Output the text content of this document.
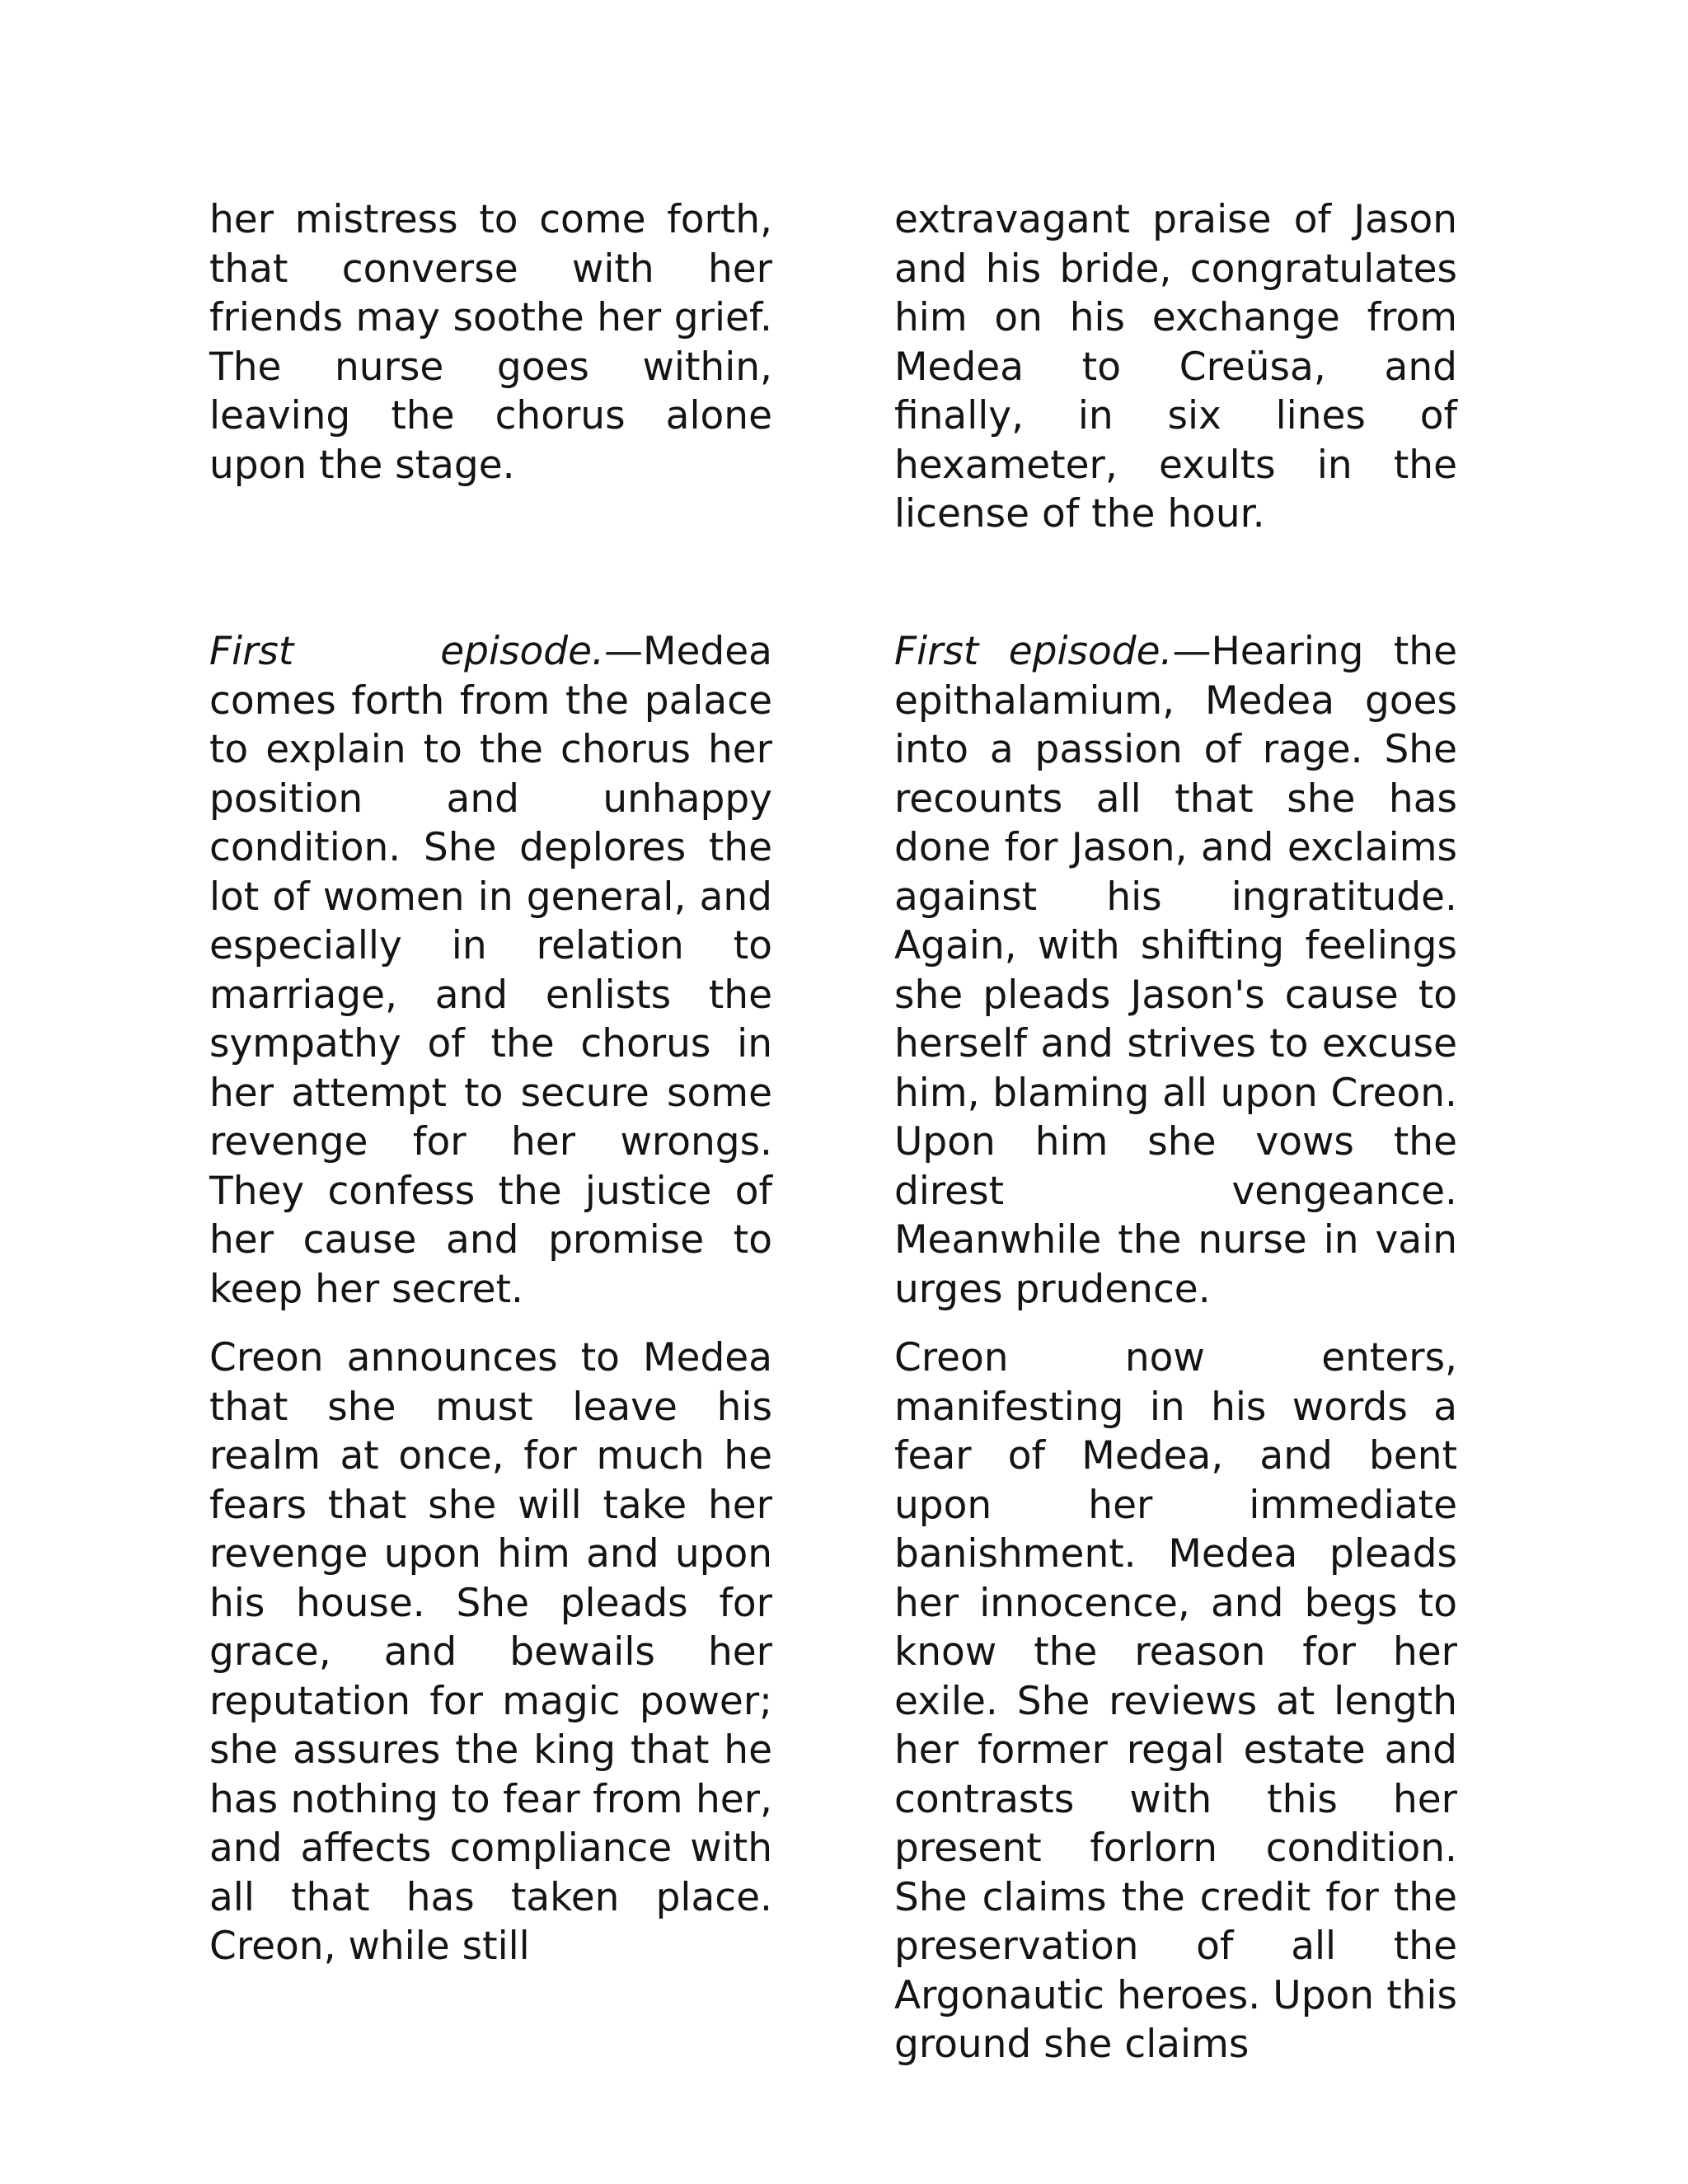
her mistress to come forth, that converse with her friends may soothe her grief. The nurse goes within, leaving the chorus alone upon the stage.

extravagant praise of Jason and his bride, congratulates him on his exchange from Medea to Creüsa, and finally, in six lines of hexameter, exults in the license of the hour.

First episode.—Medea comes forth from the palace to explain to the chorus her position and unhappy condition. She deplores the lot of women in general, and especially in relation to marriage, and enlists the sympathy of the chorus in her attempt to secure some revenge for her wrongs. They confess the justice of her cause and promise to keep her secret.

Creon announces to Medea that she must leave his realm at once, for much he fears that she will take her revenge upon him and upon his house. She pleads for grace, and bewails her reputation for magic power; she assures the king that he has nothing to fear from her, and affects compliance with all that has taken place. Creon, while still

First episode.—Hearing the epithalamium, Medea goes into a passion of rage. She recounts all that she has done for Jason, and exclaims against his ingratitude. Again, with shifting feelings she pleads Jason's cause to herself and strives to excuse him, blaming all upon Creon. Upon him she vows the direst vengeance. Meanwhile the nurse in vain urges prudence.

Creon now enters, manifesting in his words a fear of Medea, and bent upon her immediate banishment. Medea pleads her innocence, and begs to know the reason for her exile. She reviews at length her former regal estate and contrasts with this her present forlorn condition. She claims the credit for the preservation of all the Argonautic heroes. Upon this ground she claims
